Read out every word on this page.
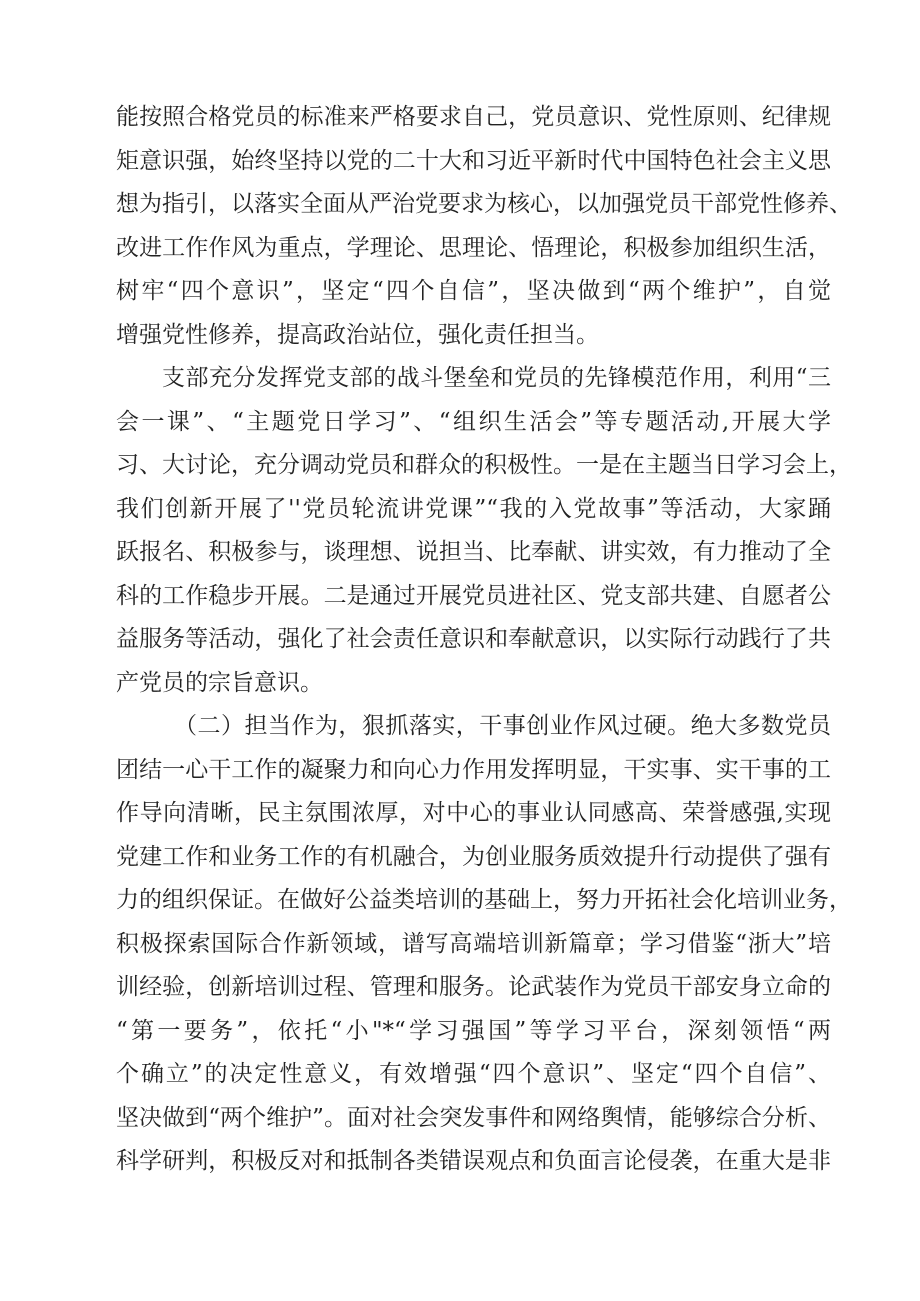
能按照合格党员的标准来严格要求自己，党员意识、党性原则、纪律规
矩意识强，始终坚持以党的二十大和习近平新时代中国特色社会主义思
想为指引，以落实全面从严治党要求为核心，以加强党员干部党性修养、
改进工作作风为重点，学理论、思理论、悟理论，积极参加组织生活，
树牢“四个意识”，坚定“四个自信”，坚决做到“两个维护”，自觉
增强党性修养，提高政治站位，强化责任担当。
支部充分发挥党支部的战斗堡垒和党员的先锋模范作用，利用“三
会一课”、“主题党日学习”、“组织生活会”等专题活动,开展大学
习、大讨论，充分调动党员和群众的积极性。一是在主题当日学习会上，
我们创新开展了''党员轮流讲党课”“我的入党故事”等活动，大家踊
跃报名、积极参与，谈理想、说担当、比奉献、讲实效，有力推动了全
科的工作稳步开展。二是通过开展党员进社区、党支部共建、自愿者公
益服务等活动，强化了社会责任意识和奉献意识，以实际行动践行了共
产党员的宗旨意识。
（二）担当作为，狠抓落实，干事创业作风过硬。绝大多数党员
团结一心干工作的凝聚力和向心力作用发挥明显，干实事、实干事的工
作导向清晰，民主氛围浓厚，对中心的事业认同感高、荣誉感强,实现
党建工作和业务工作的有机融合，为创业服务质效提升行动提供了强有
力的组织保证。在做好公益类培训的基础上，努力开拓社会化培训业务，
积极探索国际合作新领域，谱写高端培训新篇章；学习借鉴“浙大”培
训经验，创新培训过程、管理和服务。论武装作为党员干部安身立命的
“第一要务”，依托“小"*“学习强国”等学习平台，深刻领悟“两
个确立”的决定性意义，有效增强“四个意识”、坚定“四个自信”、
坚决做到“两个维护”。面对社会突发事件和网络舆情，能够综合分析、
科学研判，积极反对和抵制各类错误观点和负面言论侵袭，在重大是非
